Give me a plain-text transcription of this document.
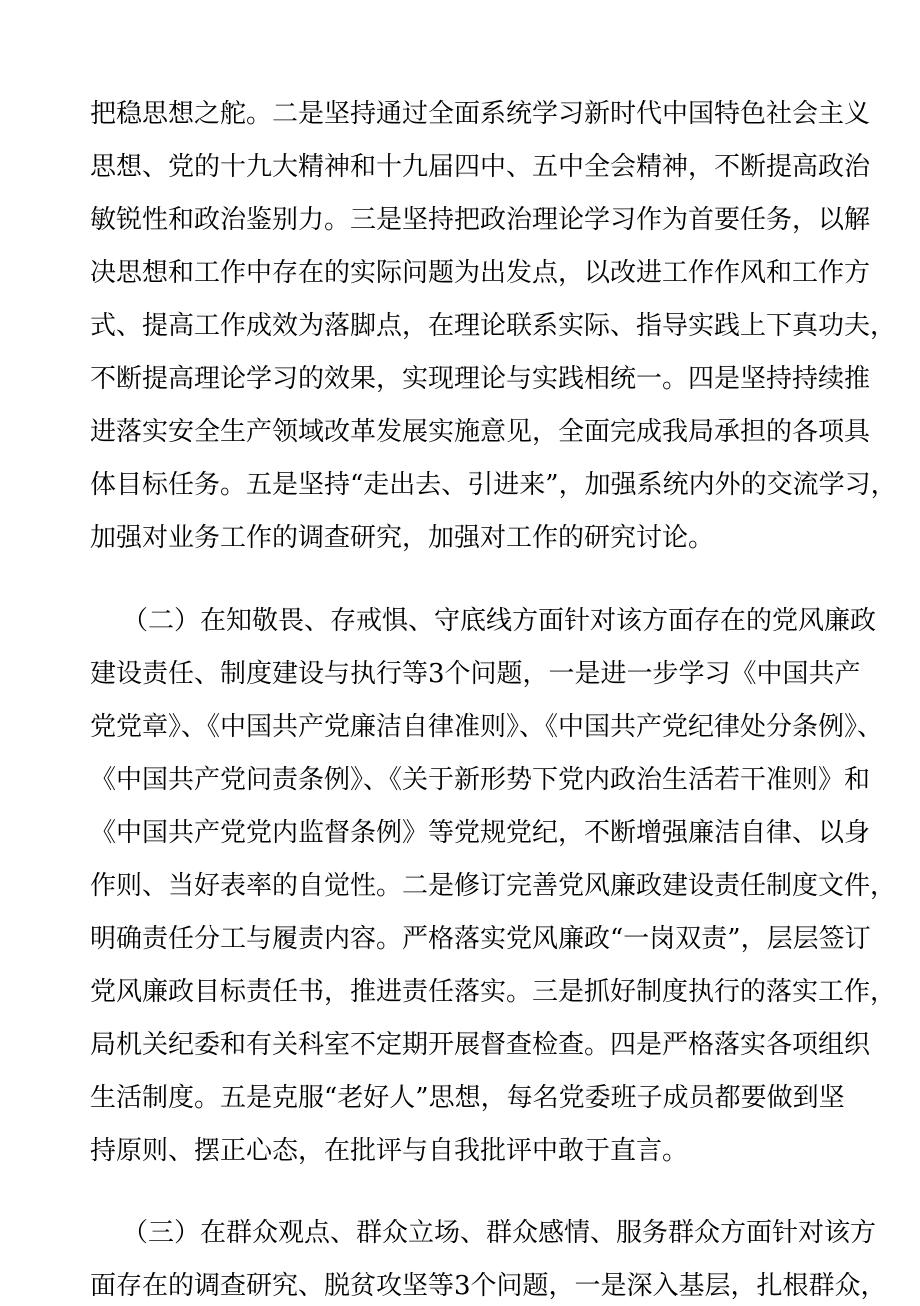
把稳思想之舵。二是坚持通过全面系统学习新时代中国特色社会主义
思想、党的十九大精神和十九届四中、五中全会精神，不断提高政治
敏锐性和政治鉴别力。三是坚持把政治理论学习作为首要任务，以解
决思想和工作中存在的实际问题为出发点，以改进工作作风和工作方
式、提高工作成效为落脚点，在理论联系实际、指导实践上下真功夫，
不断提高理论学习的效果，实现理论与实践相统一。四是坚持持续推
进落实安全生产领域改革发展实施意见，全面完成我局承担的各项具
体目标任务。五是坚持“走出去、引进来”，加强系统内外的交流学习，
加强对业务工作的调查研究，加强对工作的研究讨论。
（二）在知敬畏、存戒惧、守底线方面针对该方面存在的党风廉政
建设责任、制度建设与执行等3个问题，一是进一步学习《中国共产
党党章》、《中国共产党廉洁自律准则》、《中国共产党纪律处分条例》、
《中国共产党问责条例》、《关于新形势下党内政治生活若干准则》和
《中国共产党党内监督条例》等党规党纪，不断增强廉洁自律、以身
作则、当好表率的自觉性。二是修订完善党风廉政建设责任制度文件，
明确责任分工与履责内容。严格落实党风廉政“一岗双责”，层层签订
党风廉政目标责任书，推进责任落实。三是抓好制度执行的落实工作，
局机关纪委和有关科室不定期开展督查检查。四是严格落实各项组织
生活制度。五是克服“老好人”思想，每名党委班子成员都要做到坚
持原则、摆正心态，在批评与自我批评中敢于直言。
（三）在群众观点、群众立场、群众感情、服务群众方面针对该方
面存在的调查研究、脱贫攻坚等3个问题，一是深入基层，扎根群众，
